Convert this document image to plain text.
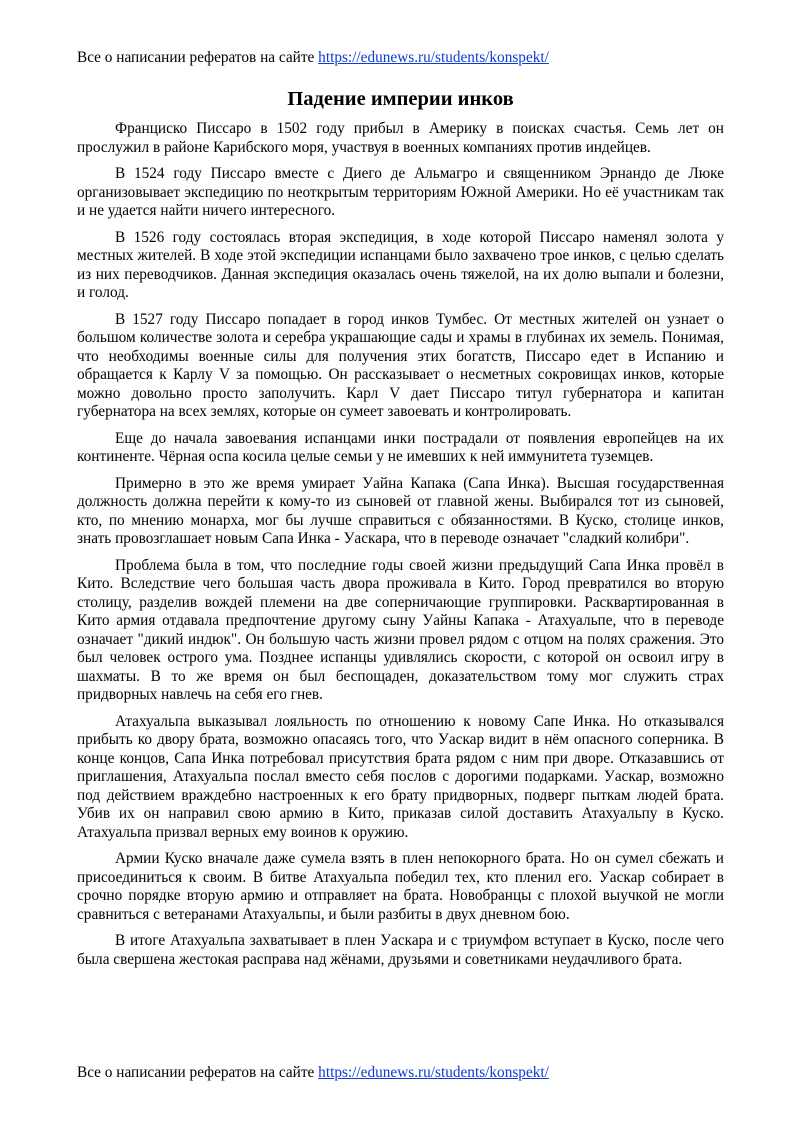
Все о написании рефератов на сайте https://edunews.ru/students/konspekt/
Падение империи инков

Франциско Писсаро в 1502 году прибыл в Америку в поисках счастья. Семь лет он прослужил в районе Карибского моря, участвуя в военных компаниях против индейцев.

В 1524 году Писсаро вместе с Диего де Альмагро и священником Эрнандо де Люке организовывает экспедицию по неоткрытым территориям Южной Америки. Но её участникам так и не удается найти ничего интересного.

В 1526 году состоялась вторая экспедиция, в ходе которой Писсаро наменял золота у местных жителей. В ходе этой экспедиции испанцами было захвачено трое инков, с целью сделать из них переводчиков. Данная экспедиция оказалась очень тяжелой, на их долю выпали и болезни, и голод.

В 1527 году Писсаро попадает в город инков Тумбес. От местных жителей он узнает о большом количестве золота и серебра украшающие сады и храмы в глубинах их земель. Понимая, что необходимы военные силы для получения этих богатств, Писсаро едет в Испанию и обращается к Карлу V за помощью. Он рассказывает о несметных сокровищах инков, которые можно довольно просто заполучить. Карл V дает Писсаро титул губернатора и капитан губернатора на всех землях, которые он сумеет завоевать и контролировать.

Еще до начала завоевания испанцами инки пострадали от появления европейцев на их континенте. Чёрная оспа косила целые семьи у не имевших к ней иммунитета туземцев.

Примерно в это же время умирает Уайна Капака (Сапа Инка). Высшая государственная должность должна перейти к кому-то из сыновей от главной жены. Выбирался тот из сыновей, кто, по мнению монарха, мог бы лучше справиться с обязанностями. В Куско, столице инков, знать провозглашает новым Сапа Инка - Уаскара, что в переводе означает "сладкий колибри".

Проблема была в том, что последние годы своей жизни предыдущий Сапа Инка провёл в Кито. Вследствие чего большая часть двора проживала в Кито. Город превратился во вторую столицу, разделив вождей племени на две соперничающие группировки. Расквартированная в Кито армия отдавала предпочтение другому сыну Уайны Капака - Атахуальпе, что в переводе означает "дикий индюк". Он большую часть жизни провел рядом с отцом на полях сражения. Это был человек острого ума. Позднее испанцы удивлялись скорости, с которой он освоил игру в шахматы. В то же время он был беспощаден, доказательством тому мог служить страх придворных навлечь на себя его гнев.

Атахуальпа выказывал лояльность по отношению к новому Сапе Инка. Но отказывался прибыть ко двору брата, возможно опасаясь того, что Уаскар видит в нём опасного соперника. В конце концов, Сапа Инка потребовал присутствия брата рядом с ним при дворе. Отказавшись от приглашения, Атахуальпа послал вместо себя послов с дорогими подарками. Уаскар, возможно под действием враждебно настроенных к его брату придворных, подверг пыткам людей брата. Убив их он направил свою армию в Кито, приказав силой доставить Атахуальпу в Куско. Атахуальпа призвал верных ему воинов к оружию.

Армии Куско вначале даже сумела взять в плен непокорного брата. Но он сумел сбежать и присоединиться к своим. В битве Атахуальпа победил тех, кто пленил его. Уаскар собирает в срочно порядке вторую армию и отправляет на брата. Новобранцы с плохой выучкой не могли сравниться с ветеранами Атахуальпы, и были разбиты в двух дневном бою.

В итоге Атахуальпа захватывает в плен Уаскара и с триумфом вступает в Куско, после чего была свершена жестокая расправа над жёнами, друзьями и советниками неудачливого брата.

Все о написании рефератов на сайте https://edunews.ru/students/konspekt/
